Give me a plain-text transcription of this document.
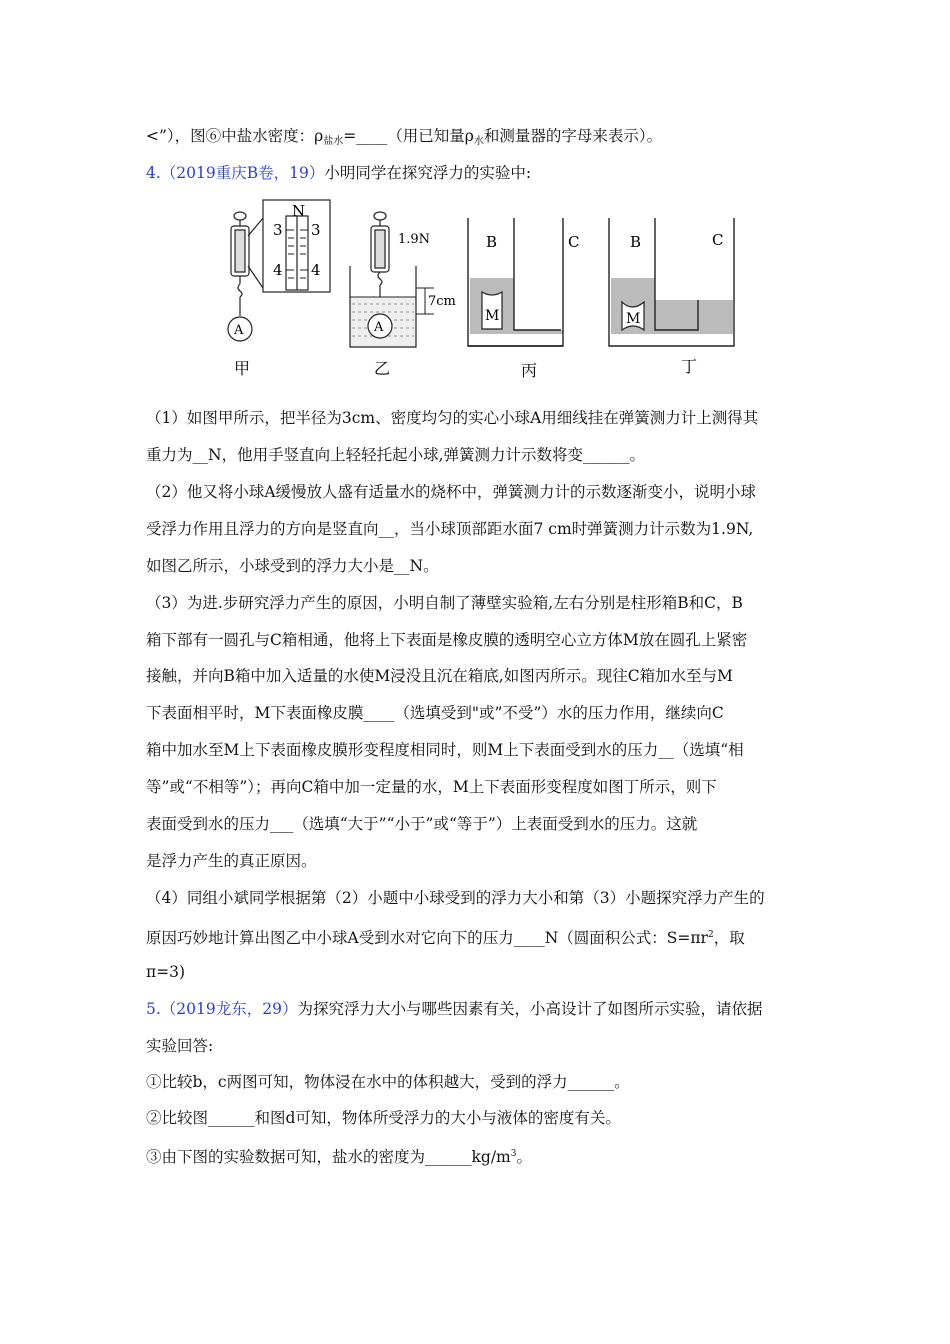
<”），图⑥中盐水密度：$\rho_{盐水}=\_\_\_\_$（用已知量$\rho_水$和测量器的字母来表示）。
4.（2019重庆B卷，19）小明同学在探究浮力的实验中:
N
3
4
3
4
A
甲
7cm
1.9N
A
乙
B	C
M
丙
B	C
M
丁
（1）如图甲所示，把半径为3cm、密度均匀的实心小球A用细线挂在弹簧测力计上测得其
重力为__N，他用手竖直向上轻轻托起小球,弹簧测力计示数将变______。
（2）他又将小球A缓慢放人盛有适量水的烧杯中，弹簧测力计的示数逐渐变小，说明小球
受浮力作用且浮力的方向是竖直向__，当小球顶部距水面7 cm时弹簧测力计示数为1.9N,
如图乙所示，小球受到的浮力大小是__N。
（3）为进.步研究浮力产生的原因，小明自制了薄壁实验箱,左右分别是柱形箱B和C，B
箱下部有一圆孔与C箱相通，他将上下表面是橡皮膜的透明空心立方体M放在圆孔上紧密
接触，并向B箱中加入适量的水使M浸没且沉在箱底,如图丙所示。现往C箱加水至与M
下表面相平时，M下表面橡皮膜____（选填受到"或”不受”）水的压力作用，继续向C
箱中加水至M上下表面橡皮膜形变程度相同时，则M上下表面受到水的压力__（选填“相
等”或“不相等”）；再向C箱中加一定量的水，M上下表面形变程度如图丁所示，则下
表面受到水的压力___（选填“大于”“小于”或“等于”）上表面受到水的压力。这就
是浮力产生的真正原因。
（4）同组小斌同学根据第（2）小题中小球受到的浮力大小和第（3）小题探究浮力产生的
原因巧妙地计算出图乙中小球A受到水对它向下的压力____N（圆面积公式：$S=\pi r^2$，取
π=3)
5.（2019龙东，29）为探究浮力大小与哪些因素有关，小高设计了如图所示实验，请依据
实验回答:
①比较b，c两图可知，物体浸在水中的体积越大，受到的浮力______。
②比较图______和图d可知，物体所受浮力的大小与液体的密度有关。
③由下图的实验数据可知，盐水的密度为$\_\_\_\_\_\_kg/m^3$。
